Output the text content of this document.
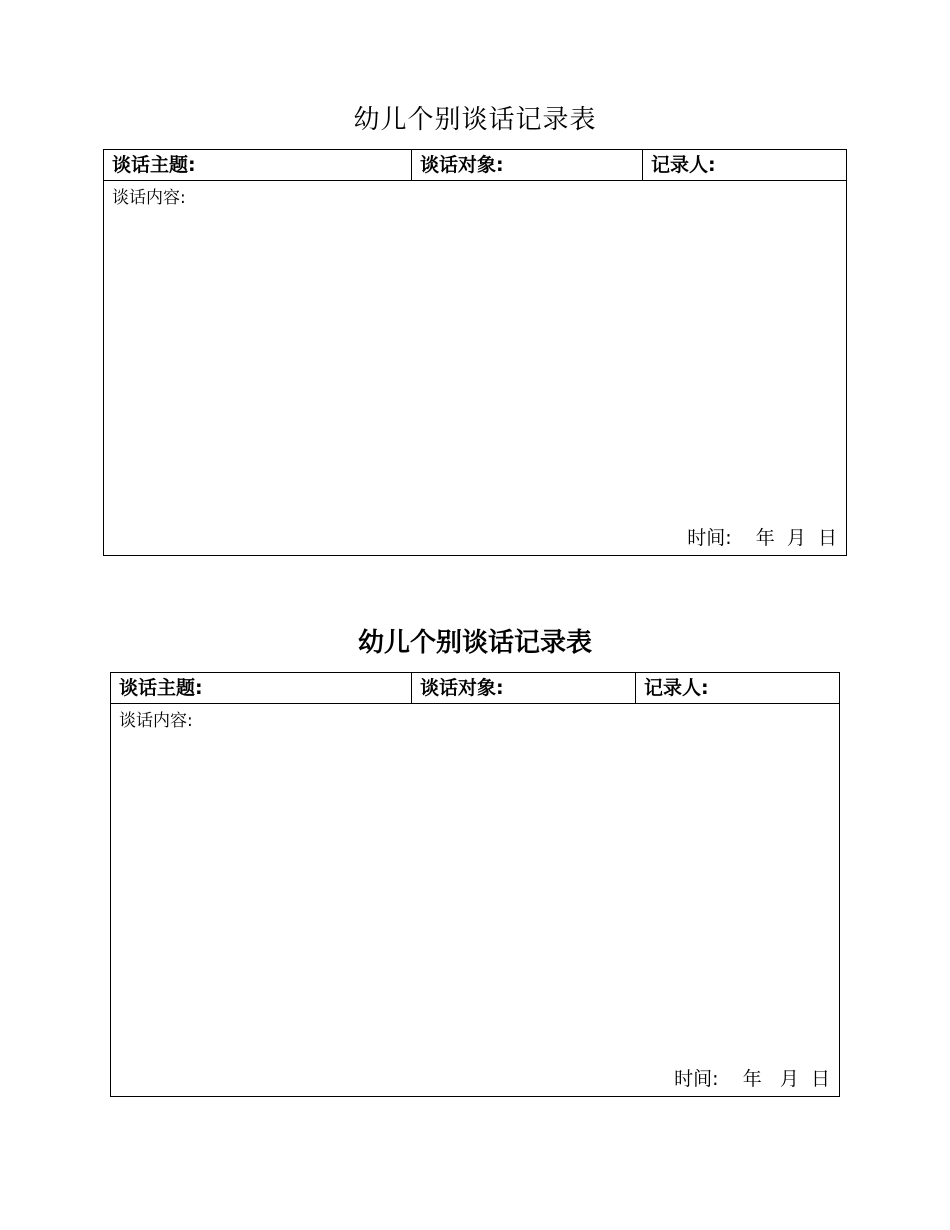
幼儿个别谈话记录表
谈话主题:	谈话对象:	记录人:
谈话内容:
时间: 年 月 日
幼儿个别谈话记录表
谈话主题:	谈话对象:	记录人:
谈话内容:
时间: 年 月 日
